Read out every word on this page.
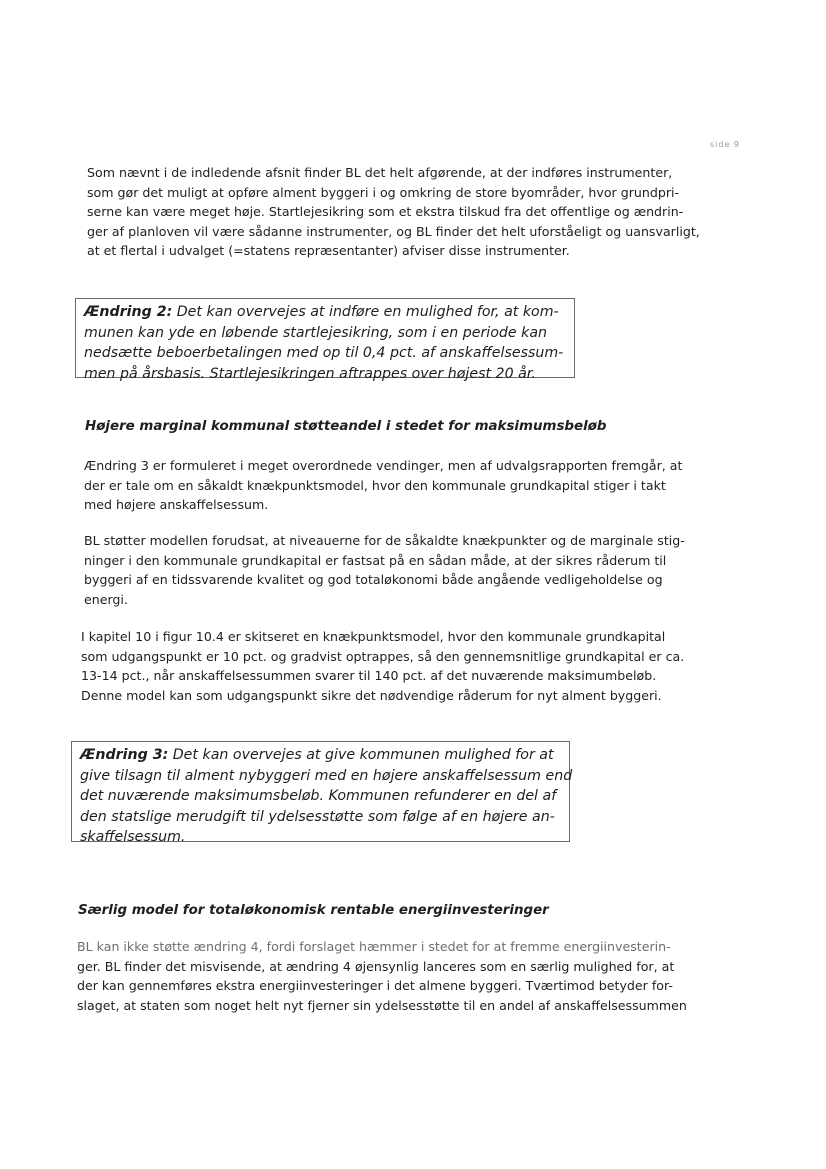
side 9
Som nævnt i de indledende afsnit finder BL det helt afgørende, at der indføres instrumenter,
som gør det muligt at opføre alment byggeri i og omkring de store byområder, hvor grundpri-
serne kan være meget høje. Startlejesikring som et ekstra tilskud fra det offentlige og ændrin-
ger af planloven vil være sådanne instrumenter, og BL finder det helt uforståeligt og uansvarligt,
at et flertal i udvalget (=statens repræsentanter) afviser disse instrumenter.
Ændring 2: Det kan overvejes at indføre en mulighed for, at kom-
munen kan yde en løbende startlejesikring, som i en periode kan
nedsætte beboerbetalingen med op til 0,4 pct. af anskaffelsessum-
men på årsbasis. Startlejesikringen aftrappes over højest 20 år.
Højere marginal kommunal støtteandel i stedet for maksimumsbeløb
Ændring 3 er formuleret i meget overordnede vendinger, men af udvalgsrapporten fremgår, at
der er tale om en såkaldt knækpunktsmodel, hvor den kommunale grundkapital stiger i takt
med højere anskaffelsessum.
BL støtter modellen forudsat, at niveauerne for de såkaldte knækpunkter og de marginale stig-
ninger i den kommunale grundkapital er fastsat på en sådan måde, at der sikres råderum til
byggeri af en tidssvarende kvalitet og god totaløkonomi både angående vedligeholdelse og
energi.
I kapitel 10 i figur 10.4 er skitseret en knækpunktsmodel, hvor den kommunale grundkapital
som udgangspunkt er 10 pct. og gradvist optrappes, så den gennemsnitlige grundkapital er ca.
13-14 pct., når anskaffelsessummen svarer til 140 pct. af det nuværende maksimumbeløb.
Denne model kan som udgangspunkt sikre det nødvendige råderum for nyt alment byggeri.
Ændring 3: Det kan overvejes at give kommunen mulighed for at
give tilsagn til alment nybyggeri med en højere anskaffelsessum end
det nuværende maksimumsbeløb. Kommunen refunderer en del af
den statslige merudgift til ydelsesstøtte som følge af en højere an-
skaffelsessum.
Særlig model for totaløkonomisk rentable energiinvesteringer
BL kan ikke støtte ændring 4, fordi forslaget hæmmer i stedet for at fremme energiinvesterin-
ger. BL finder det misvisende, at ændring 4 øjensynlig lanceres som en særlig mulighed for, at
der kan gennemføres ekstra energiinvesteringer i det almene byggeri. Tværtimod betyder for-
slaget, at staten som noget helt nyt fjerner sin ydelsesstøtte til en andel af anskaffelsessummen
